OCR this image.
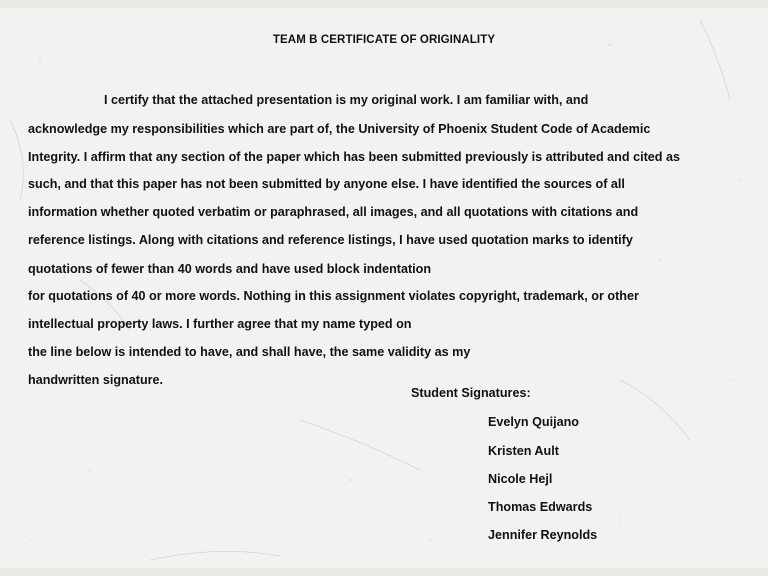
TEAM B CERTIFICATE OF ORIGINALITY
I certify that the attached presentation is my original work. I am familiar with, and
acknowledge my responsibilities which are part of, the University of Phoenix Student Code of Academic
Integrity. I affirm that any section of the paper which has been submitted previously is attributed and cited as
such, and that this paper has not been submitted by anyone else. I have identified the sources of all
information whether quoted verbatim or paraphrased, all images, and all quotations with citations and
reference listings. Along with citations and reference listings, I have used quotation marks to identify
quotations of fewer than 40 words and have used block indentation
for quotations of 40 or more words. Nothing in this assignment violates copyright, trademark, or other
intellectual property laws. I further agree that my name typed on
the line below is intended to have, and shall have, the same validity as my
handwritten signature.
Student Signatures:
Evelyn Quijano
Kristen Ault
Nicole Hejl
Thomas Edwards
Jennifer Reynolds
